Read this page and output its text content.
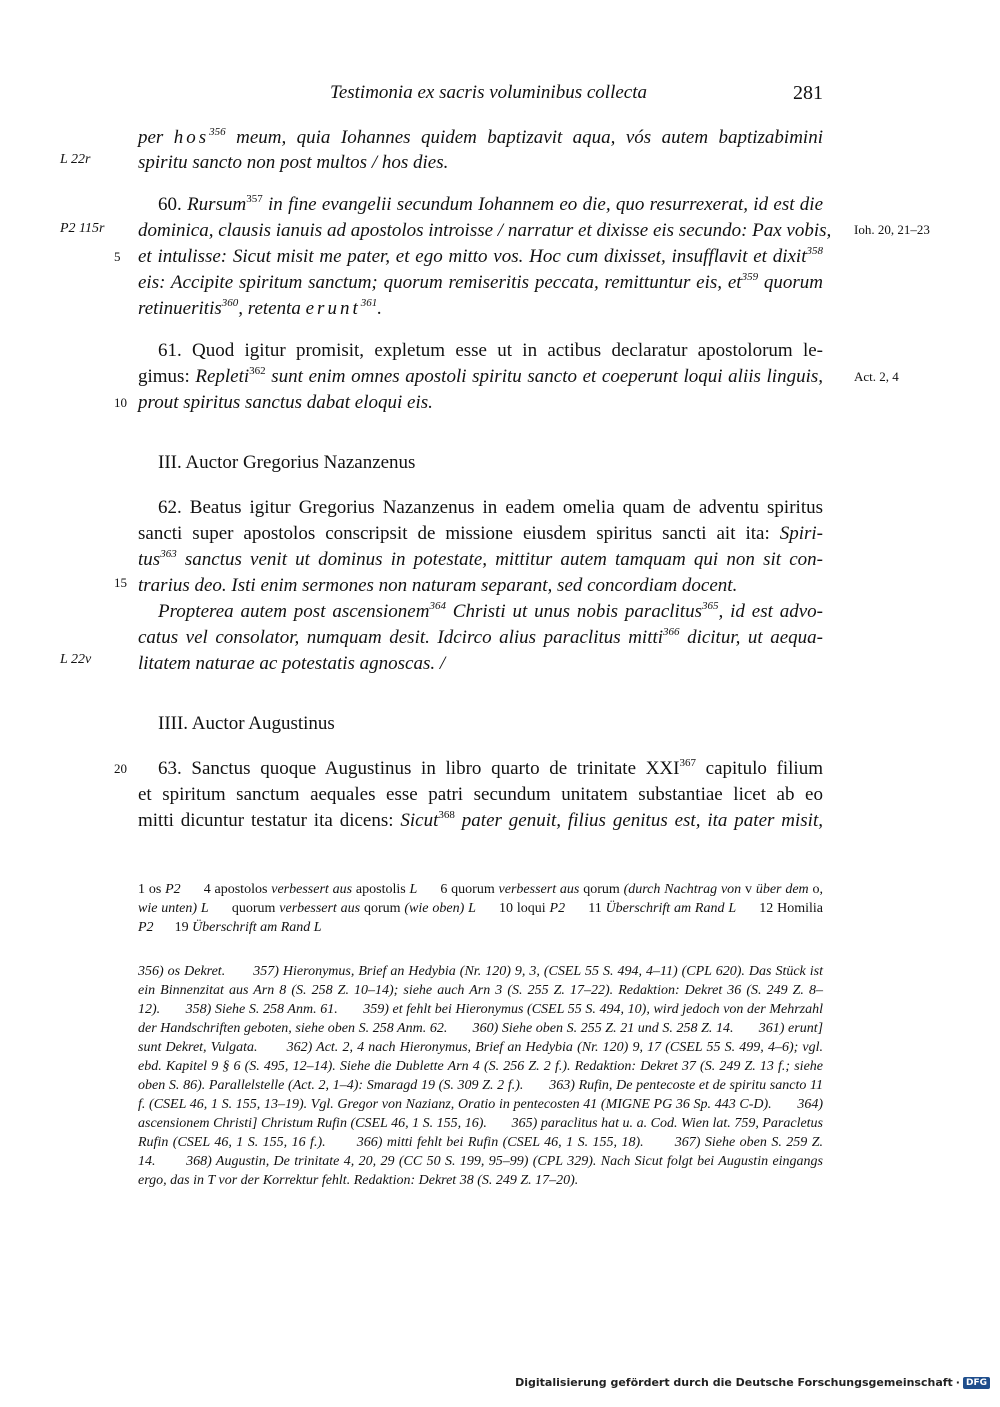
Testimonia ex sacris voluminibus collecta	281
L 22r
P2 115r
L 22v
Ioh. 20, 21–23
Act. 2, 4
5
10
15
20
per hos$^{356}$ meum, quia Iohannes quidem baptizavit aqua, vós autem baptizabimini
spiritu sancto non post multos / hos dies.
60. Rursum$^{357}$ in fine evangelii secundum Iohannem eo die, quo resurrexerat, id est die
dominica, clausis ianuis ad apostolos introisse / narratur et dixisse eis secundo: Pax vobis,
et intulisse: Sicut misit me pater, et ego mitto vos. Hoc cum dixisset, insufflavit et dixit$^{358}$
eis: Accipite spiritum sanctum; quorum remiseritis peccata, remittuntur eis, $et^{359}$ quorum
retinueritis$^{360}$, retenta erunt$^{361}$.
61. Quod igitur promisit, expletum esse ut in actibus declaratur apostolorum le-
gimus: Repleti$^{362}$ sunt enim omnes apostoli spiritu sancto et coeperunt loqui aliis linguis,
prout spiritus sanctus dabat eloqui eis.
III. Auctor Gregorius Nazanzenus
62. Beatus igitur Gregorius Nazanzenus in eadem omelia quam de adventu spiritus
sancti super apostolos conscripsit de missione eiusdem spiritus sancti ait ita: Spiri-
tus$^{363}$ sanctus venit ut dominus in potestate, mittitur autem tamquam qui non sit con-
trarius deo. Isti enim sermones non naturam separant, sed concordiam docent.
Propterea autem post ascensionem$^{364}$ Christi ut unus nobis paraclitus$^{365}$, id est advo-
catus vel consolator, numquam desit. Idcirco alius paraclitus mitti$^{366}$ dicitur, ut aequa-
litatem naturae ac potestatis agnoscas. /
IIII. Auctor Augustinus
63. Sanctus quoque Augustinus in libro quarto de trinitate XXI$^{367}$ capitulo filium
et spiritum sanctum aequales esse patri secundum unitatem substantiae licet ab eo
mitti dicuntur testatur ita dicens: Sicut$^{368}$ pater genuit, filius genitus est, ita pater misit,
1 os P2 4 apostolos verbessert aus apostolis L 6 quorum verbessert aus qorum (durch Nachtrag von v über dem o, wie unten) L quorum verbessert aus qorum (wie oben) L 10 loqui P2 11 Überschrift am Rand L 12 Homilia P2 19 Überschrift am Rand L
356) os Dekret. 357) Hieronymus, Brief an Hedybia (Nr. 120) 9, 3, (CSEL 55 S. 494, 4–11) (CPL 620). Das Stück ist ein Binnenzitat aus Arn 8 (S. 258 Z. 10–14); siehe auch Arn 3 (S. 255 Z. 17–22). Redaktion: Dekret 36 (S. 249 Z. 8–12). 358) Siehe S. 258 Anm. 61. 359) et fehlt bei Hieronymus (CSEL 55 S. 494, 10), wird jedoch von der Mehrzahl der Handschriften geboten, siehe oben S. 258 Anm. 62. 360) Siehe oben S. 255 Z. 21 und S. 258 Z. 14. 361) erunt] sunt Dekret, Vulgata. 362) Act. 2, 4 nach Hieronymus, Brief an Hedybia (Nr. 120) 9, 17 (CSEL 55 S. 499, 4–6); vgl. ebd. Kapitel 9 § 6 (S. 495, 12–14). Siehe die Dublette Arn 4 (S. 256 Z. 2 f.). Redaktion: Dekret 37 (S. 249 Z. 13 f.; siehe oben S. 86). Parallelstelle (Act. 2, 1–4): Smaragd 19 (S. 309 Z. 2 f.). 363) Rufin, De pentecoste et de spiritu sancto 11 f. (CSEL 46, 1 S. 155, 13–19). Vgl. Gregor von Nazianz, Oratio in pentecosten 41 (MIGNE PG 36 Sp. 443 C-D). 364) ascensionem Christi] Christum Rufin (CSEL 46, 1 S. 155, 16). 365) paraclitus hat u. a. Cod. Wien lat. 759, Paracletus Rufin (CSEL 46, 1 S. 155, 16 f.). 366) mitti fehlt bei Rufin (CSEL 46, 1 S. 155, 18). 367) Siehe oben S. 259 Z. 14. 368) Augustin, De trinitate 4, 20, 29 (CC 50 S. 199, 95–99) (CPL 329). Nach Sicut folgt bei Augustin eingangs ergo, das in T vor der Korrektur fehlt. Redaktion: Dekret 38 (S. 249 Z. 17–20).
Digitalisierung gefördert durch die Deutsche Forschungsgemeinschaft · DFG
